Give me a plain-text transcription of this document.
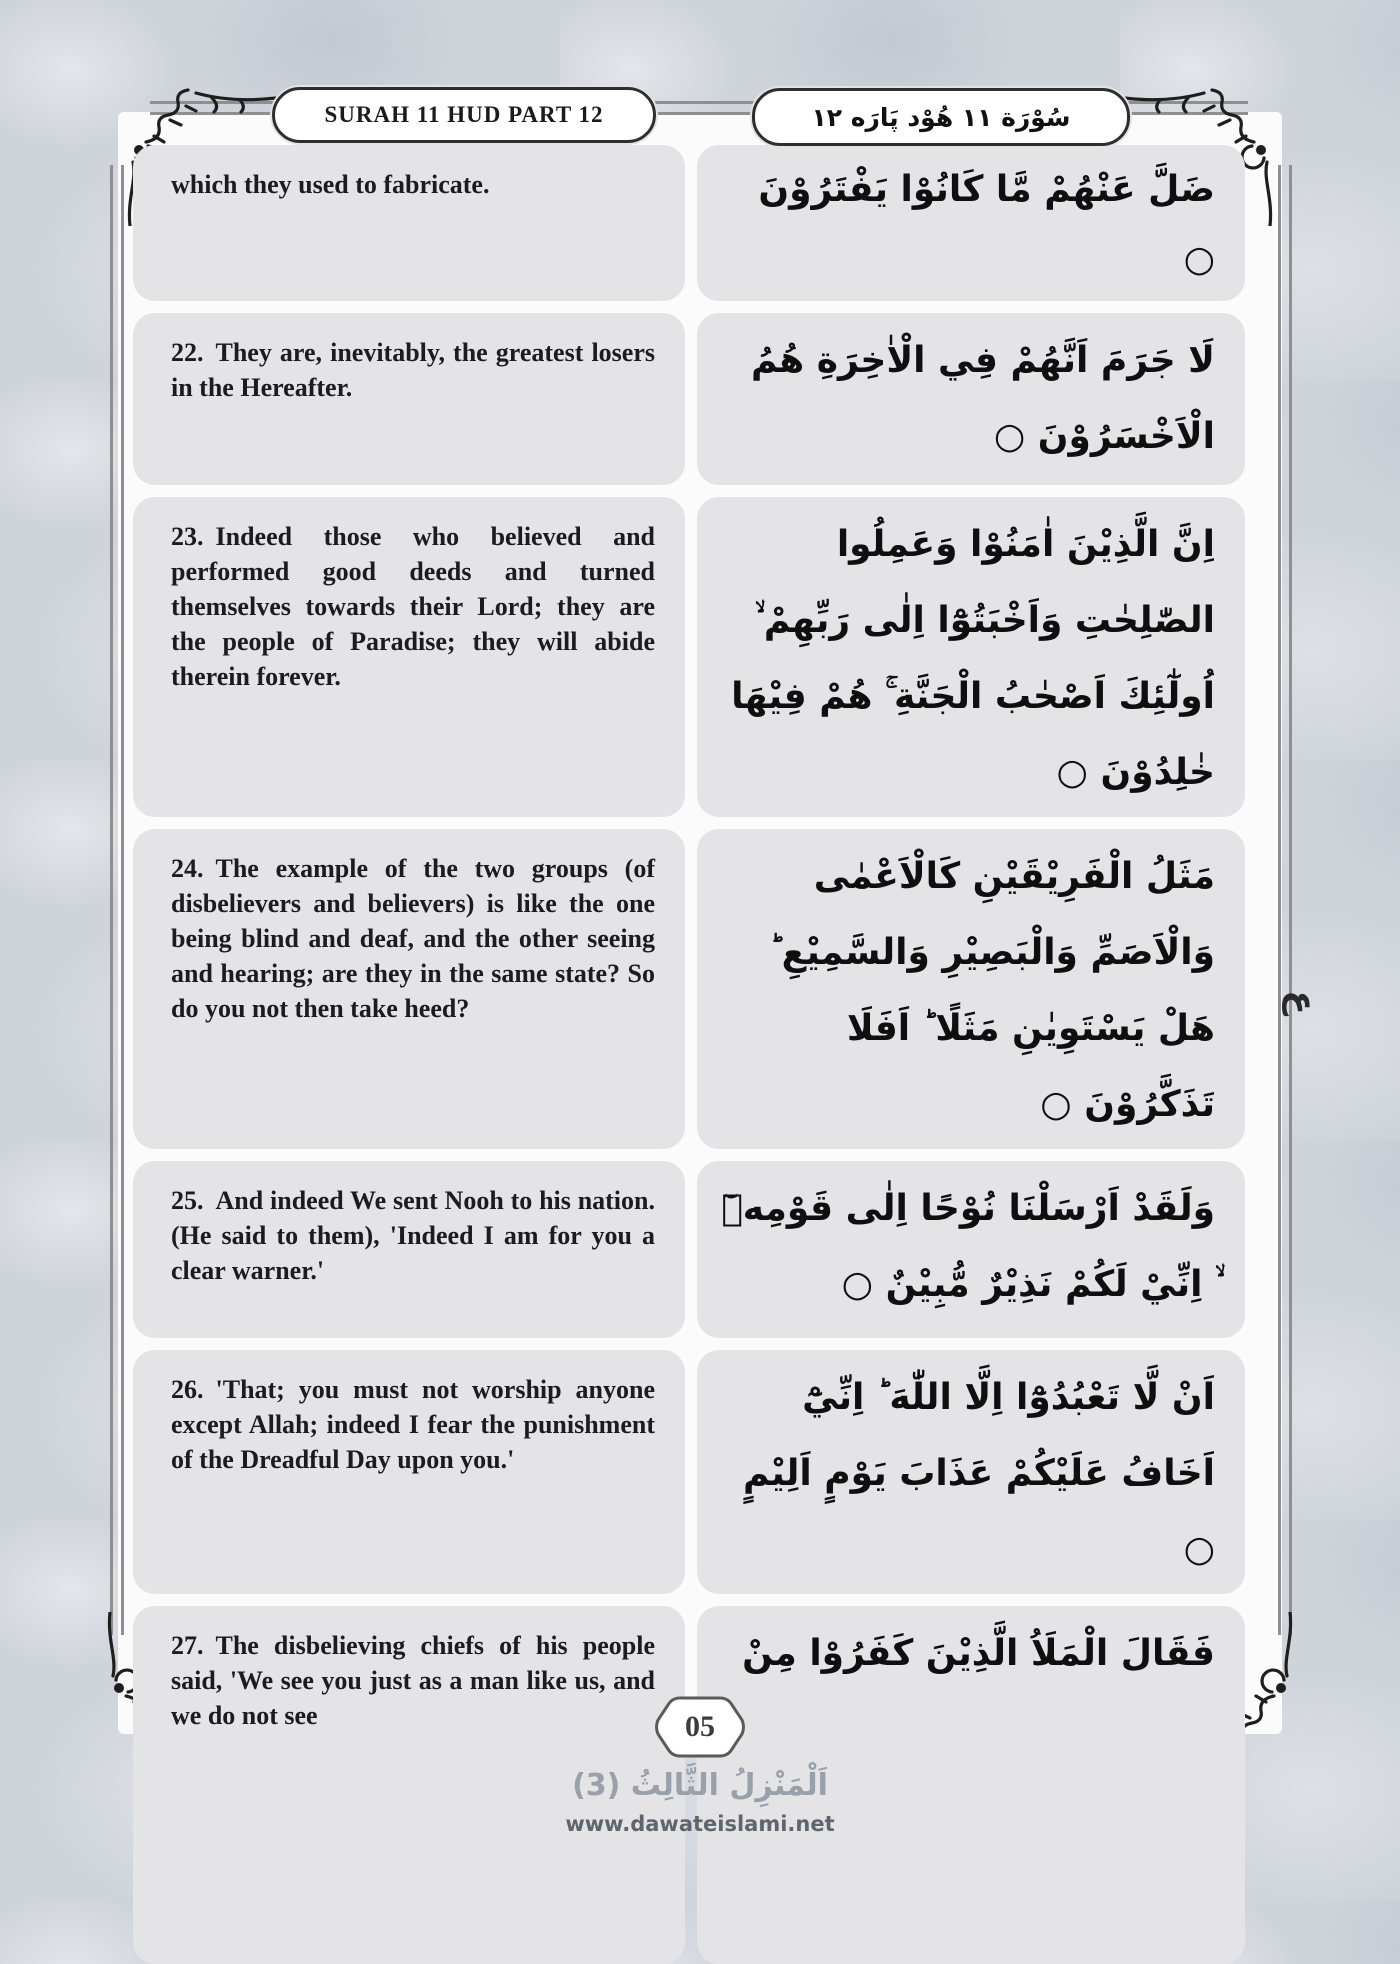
SURAH 11 HUD PART 12	سُوْرَة ۱۱ هُوْد پَارَه ۱۲

which they used to fabricate.	ضَلَّ عَنْهُمْ مَّا كَانُوْا يَفْتَرُوْنَ ○

22. They are, inevitably, the greatest losers in the Hereafter.

لَا جَرَمَ اَنَّهُمْ فِي الْاٰخِرَةِ هُمُ الْاَخْسَرُوْنَ ○

23. Indeed those who believed and performed good deeds and turned themselves towards their Lord; they are the people of Paradise; they will abide therein forever.

اِنَّ الَّذِيْنَ اٰمَنُوْا وَعَمِلُوا الصّٰلِحٰتِ وَاَخْبَتُوْٓا اِلٰى رَبِّهِمْ ۙ اُولٰٓئِكَ اَصْحٰبُ الْجَنَّةِ ۚ هُمْ فِيْهَا خٰلِدُوْنَ ○

24. The example of the two groups (of disbelievers and believers) is like the one being blind and deaf, and the other seeing and hearing; are they in the same state? So do you not then take heed?

مَثَلُ الْفَرِيْقَيْنِ كَالْاَعْمٰى وَالْاَصَمِّ وَالْبَصِيْرِ وَالسَّمِيْعِ ؕ هَلْ يَسْتَوِيٰنِ مَثَلًا ؕ اَفَلَا تَذَكَّرُوْنَ ○

25. And indeed We sent Nooh to his nation. (He said to them), 'Indeed I am for you a clear warner.'

وَلَقَدْ اَرْسَلْنَا نُوْحًا اِلٰى قَوْمِهٖٓ ۙ اِنِّيْ لَكُمْ نَذِيْرٌ مُّبِيْنٌ ○

26. 'That; you must not worship anyone except Allah; indeed I fear the punishment of the Dreadful Day upon you.'

اَنْ لَّا تَعْبُدُوْٓا اِلَّا اللّٰهَ ؕ اِنِّيْٓ اَخَافُ عَلَيْكُمْ عَذَابَ يَوْمٍ اَلِيْمٍ ○

27. The disbelieving chiefs of his people said, 'We see you just as a man like us, and we do not see

فَقَالَ الْمَلَاُ الَّذِيْنَ كَفَرُوْا مِنْ

ع
05
اَلْمَنْزِلُ الثَّالِثُ (3)
www.dawateislami.net
